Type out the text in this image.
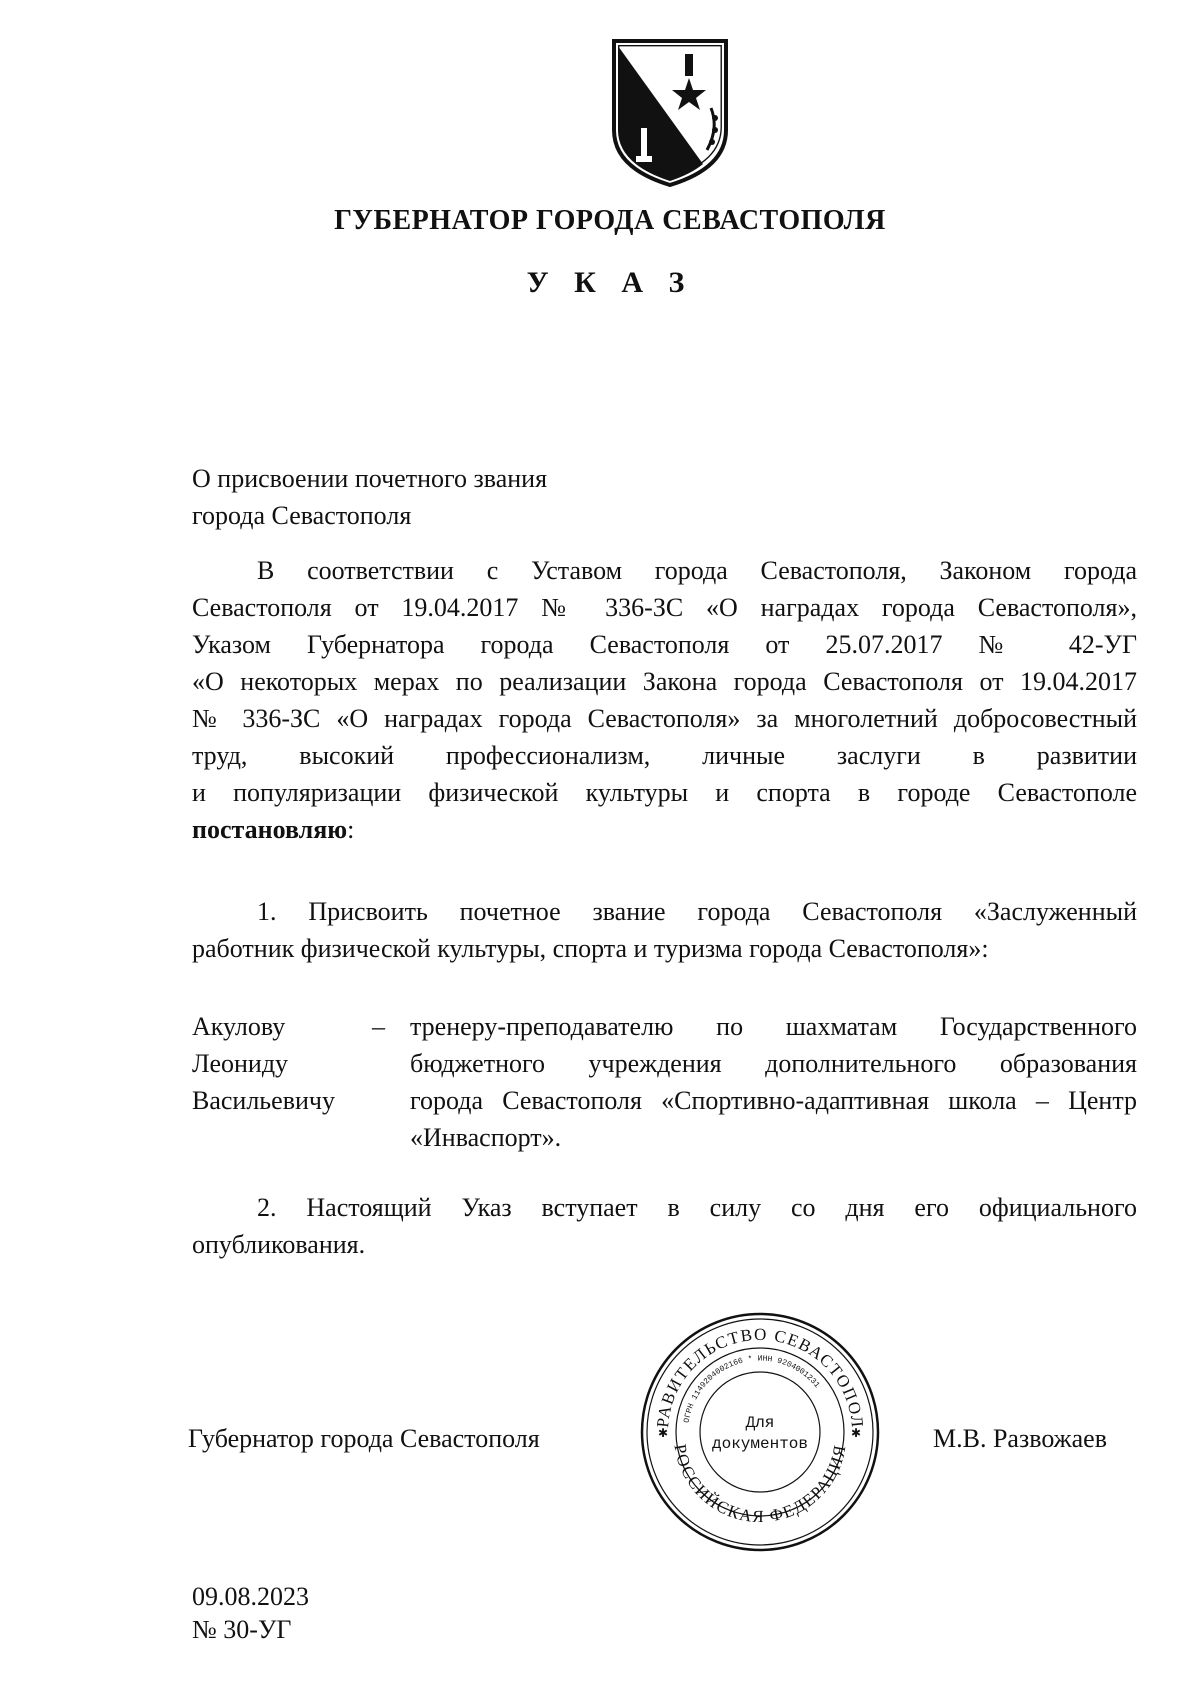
ГУБЕРНАТОР ГОРОДА СЕВАСТОПОЛЯ
У К А З
О присвоении почетного звания
города Севастополя
В соответствии с Уставом города Севастополя, Законом города
Севастополя от 19.04.2017 № 336-ЗС «О наградах города Севастополя»,
Указом Губернатора города Севастополя от 25.07.2017 № 42-УГ
«О некоторых мерах по реализации Закона города Севастополя от 19.04.2017
№ 336-ЗС «О наградах города Севастополя» за многолетний добросовестный
труд, высокий профессионализм, личные заслуги в развитии
и популяризации физической культуры и спорта в городе Севастополе
постановляю:
1. Присвоить почетное звание города Севастополя «Заслуженный
работник физической культуры, спорта и туризма города Севастополя»:
Акулову
Леониду
Васильевичу
– тренеру-преподавателю по шахматам Государственного
бюджетного учреждения дополнительного образования
города Севастополя «Спортивно-адаптивная школа – Центр
«Инваспорт».
2. Настоящий Указ вступает в силу со дня его официального
опубликования.
Губернатор города Севастополя	М.В. Развожаев
РАВИТЕЛЬСТВО СЕВАСТОПОЛ
РОССИЙСКАЯ ФЕДЕРАЦИЯ
ОГРН 1149204002166 * ИНН 9204001231
Для
документов
✱	✱
09.08.2023
№ 30-УГ
